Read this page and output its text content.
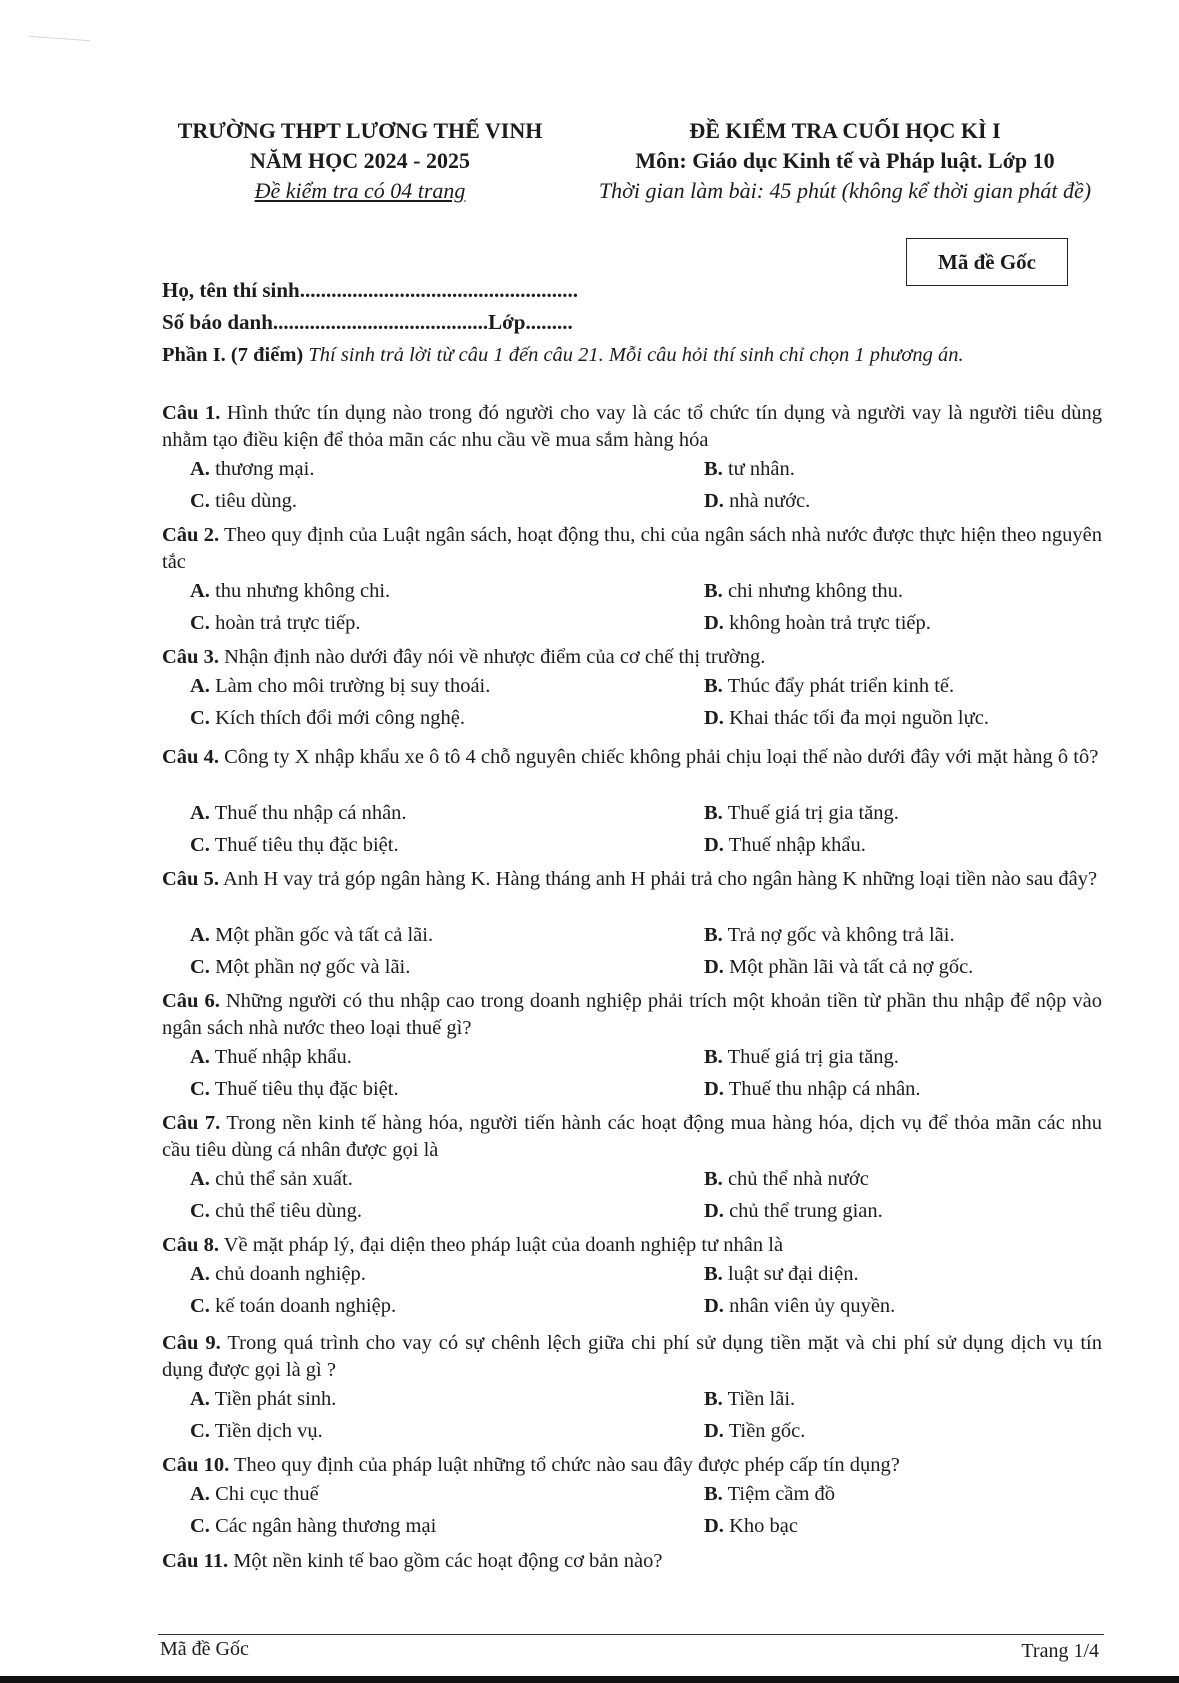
TRƯỜNG THPT LƯƠNG THẾ VINH
NĂM HỌC 2024 - 2025
Đề kiểm tra có 04 trang
ĐỀ KIỂM TRA CUỐI HỌC KÌ I
Môn: Giáo dục Kinh tế và Pháp luật. Lớp 10
Thời gian làm bài: 45 phút (không kể thời gian phát đề)
Mã đề Gốc
Họ, tên thí sinh.....................................................
Số báo danh.........................................Lớp.........
Phần I. (7 điểm) Thí sinh trả lời từ câu 1 đến câu 21. Mỗi câu hỏi thí sinh chỉ chọn 1 phương án.
Câu 1. Hình thức tín dụng nào trong đó người cho vay là các tổ chức tín dụng và người vay là người tiêu dùng nhằm tạo điều kiện để thỏa mãn các nhu cầu về mua sắm hàng hóa
A. thương mại.	B. tư nhân.
C. tiêu dùng.	D. nhà nước.
Câu 2. Theo quy định của Luật ngân sách, hoạt động thu, chi của ngân sách nhà nước được thực hiện theo nguyên tắc
A. thu nhưng không chi.	B. chi nhưng không thu.
C. hoàn trả trực tiếp.	D. không hoàn trả trực tiếp.
Câu 3. Nhận định nào dưới đây nói về nhược điểm của cơ chế thị trường.
A. Làm cho môi trường bị suy thoái.	B. Thúc đẩy phát triển kinh tế.
C. Kích thích đổi mới công nghệ.	D. Khai thác tối đa mọi nguồn lực.
Câu 4. Công ty X nhập khẩu xe ô tô 4 chỗ nguyên chiếc không phải chịu loại thế nào dưới đây với mặt hàng ô tô?
A. Thuế thu nhập cá nhân.	B. Thuế giá trị gia tăng.
C. Thuế tiêu thụ đặc biệt.	D. Thuế nhập khẩu.
Câu 5. Anh H vay trả góp ngân hàng K. Hàng tháng anh H phải trả cho ngân hàng K những loại tiền nào sau đây?
A. Một phần gốc và tất cả lãi.	B. Trả nợ gốc và không trả lãi.
C. Một phần nợ gốc và lãi.	D. Một phần lãi và tất cả nợ gốc.
Câu 6. Những người có thu nhập cao trong doanh nghiệp phải trích một khoản tiền từ phần thu nhập để nộp vào ngân sách nhà nước theo loại thuế gì?
A. Thuế nhập khẩu.	B. Thuế giá trị gia tăng.
C. Thuế tiêu thụ đặc biệt.	D. Thuế thu nhập cá nhân.
Câu 7. Trong nền kinh tế hàng hóa, người tiến hành các hoạt động mua hàng hóa, dịch vụ để thỏa mãn các nhu cầu tiêu dùng cá nhân được gọi là
A. chủ thể sản xuất.	B. chủ thể nhà nước
C. chủ thể tiêu dùng.	D. chủ thể trung gian.
Câu 8. Về mặt pháp lý, đại diện theo pháp luật của doanh nghiệp tư nhân là
A. chủ doanh nghiệp.	B. luật sư đại diện.
C. kế toán doanh nghiệp.	D. nhân viên ủy quyền.
Câu 9. Trong quá trình cho vay có sự chênh lệch giữa chi phí sử dụng tiền mặt và chi phí sử dụng dịch vụ tín dụng được gọi là gì ?
A. Tiền phát sinh.	B. Tiền lãi.
C. Tiền dịch vụ.	D. Tiền gốc.
Câu 10. Theo quy định của pháp luật những tổ chức nào sau đây được phép cấp tín dụng?
A. Chi cục thuế	B. Tiệm cầm đồ
C. Các ngân hàng thương mại	D. Kho bạc
Câu 11. Một nền kinh tế bao gồm các hoạt động cơ bản nào?
Mã đề Gốc	Trang 1/4
